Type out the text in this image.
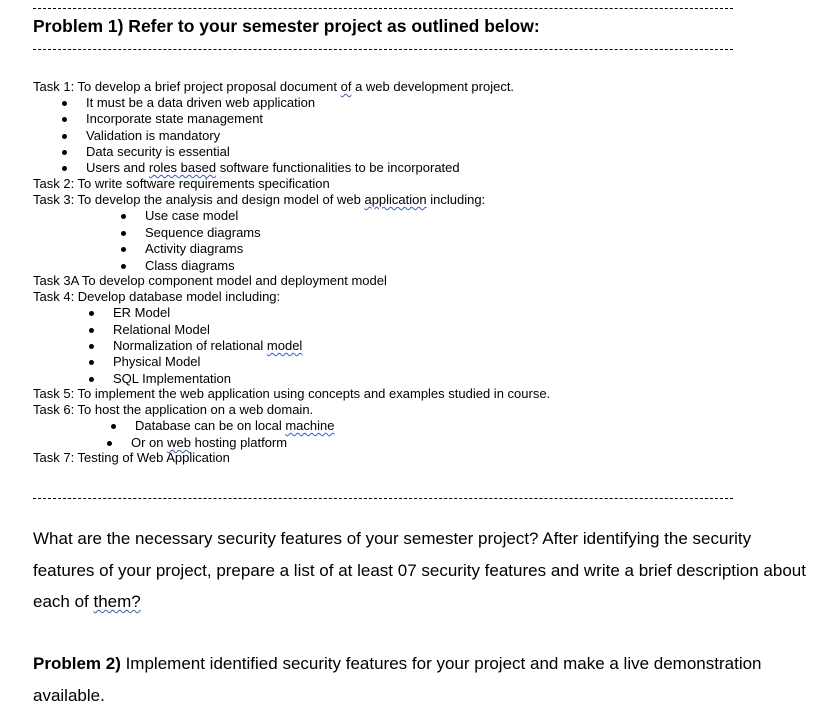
Problem 1) Refer to your semester project as outlined below:
Task 1: To develop a brief project proposal document of a web development project.
It must be a data driven web application
Incorporate state management
Validation is mandatory
Data security is essential
Users and roles based software functionalities to be incorporated
Task 2: To write software requirements specification
Task 3: To develop the analysis and design model of web application including:
Use case model
Sequence diagrams
Activity diagrams
Class diagrams
Task 3A To develop component model and deployment model
Task 4: Develop database model including:
ER Model
Relational Model
Normalization of relational model
Physical Model
SQL Implementation
Task 5: To implement the web application using concepts and examples studied in course.
Task 6: To host the application on a web domain.
Database can be on local machine
Or on web hosting platform
Task 7: Testing of Web Application
What are the necessary security features of your semester project? After identifying the security features of your project, prepare a list of at least 07 security features and write a brief description about each of them?
Problem 2) Implement identified security features for your project and make a live demonstration available.
